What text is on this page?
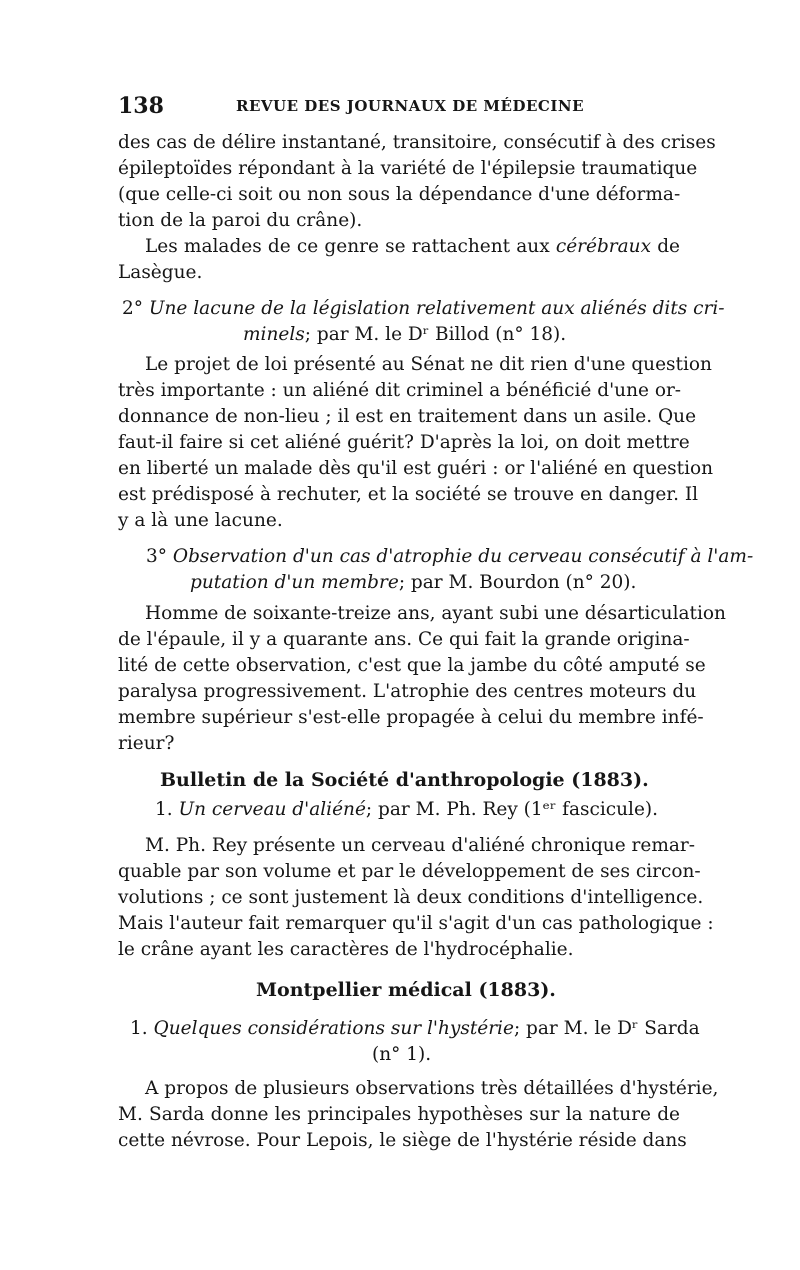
138	REVUE DES JOURNAUX DE MÉDECINE
des cas de délire instantané, transitoire, consécutif à des crises
épileptoïdes répondant à la variété de l'épilepsie traumatique
(que celle-ci soit ou non sous la dépendance d'une déforma-
tion de la paroi du crâne).
Les malades de ce genre se rattachent aux cérébraux de
Lasègue.
2° Une lacune de la législation relativement aux aliénés dits cri-
minels; par M. le Dʳ Billod (n° 18).
Le projet de loi présenté au Sénat ne dit rien d'une question
très importante : un aliéné dit criminel a bénéficié d'une or-
donnance de non-lieu ; il est en traitement dans un asile. Que
faut-il faire si cet aliéné guérit? D'après la loi, on doit mettre
en liberté un malade dès qu'il est guéri : or l'aliéné en question
est prédisposé à rechuter, et la société se trouve en danger. Il
y a là une lacune.
3° Observation d'un cas d'atrophie du cerveau consécutif à l'am-
putation d'un membre; par M. Bourdon (n° 20).
Homme de soixante-treize ans, ayant subi une désarticulation
de l'épaule, il y a quarante ans. Ce qui fait la grande origina-
lité de cette observation, c'est que la jambe du côté amputé se
paralysa progressivement. L'atrophie des centres moteurs du
membre supérieur s'est-elle propagée à celui du membre infé-
rieur?
Bulletin de la Société d'anthropologie (1883).
1. Un cerveau d'aliéné; par M. Ph. Rey (1ᵉʳ fascicule).
M. Ph. Rey présente un cerveau d'aliéné chronique remar-
quable par son volume et par le développement de ses circon-
volutions ; ce sont justement là deux conditions d'intelligence.
Mais l'auteur fait remarquer qu'il s'agit d'un cas pathologique :
le crâne ayant les caractères de l'hydrocéphalie.
Montpellier médical (1883).
1. Quelques considérations sur l'hystérie; par M. le Dʳ Sarda
(n° 1).
A propos de plusieurs observations très détaillées d'hystérie,
M. Sarda donne les principales hypothèses sur la nature de
cette névrose. Pour Lepois, le siège de l'hystérie réside dans
